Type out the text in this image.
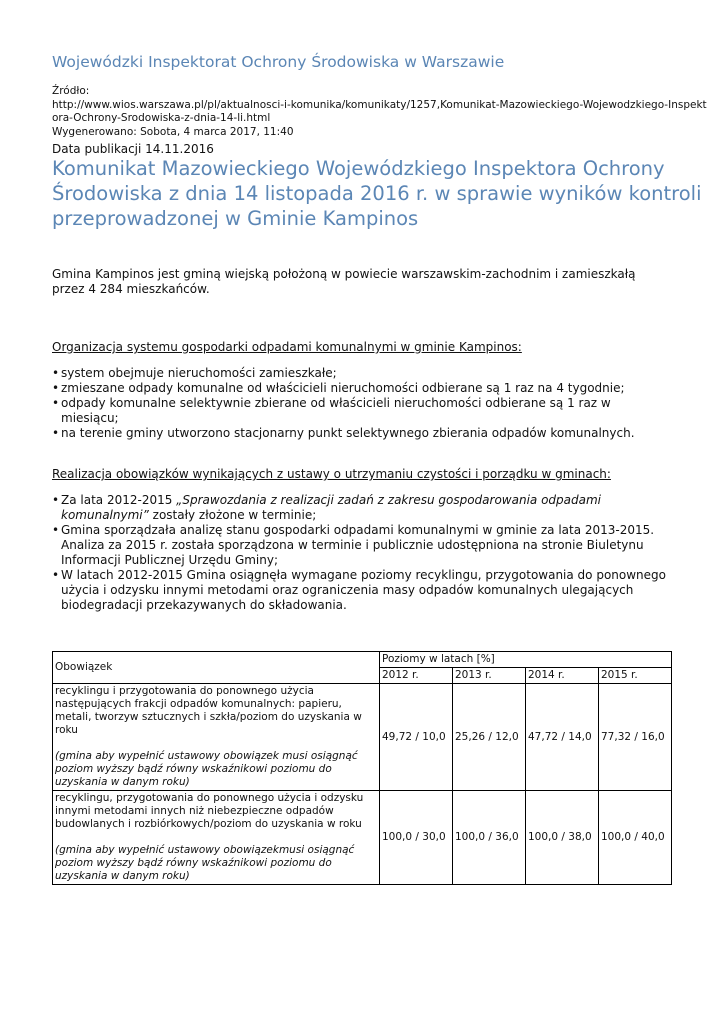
Wojewódzki Inspektorat Ochrony Środowiska w Warszawie
Źródło:
http://www.wios.warszawa.pl/pl/aktualnosci-i-komunika/komunikaty/1257,Komunikat-Mazowieckiego-Wojewodzkiego-Inspekt
ora-Ochrony-Srodowiska-z-dnia-14-li.html
Wygenerowano: Sobota, 4 marca 2017, 11:40
Data publikacji 14.11.2016
Komunikat Mazowieckiego Wojewódzkiego Inspektora Ochrony
Środowiska z dnia 14 listopada 2016 r. w sprawie wyników kontroli
przeprowadzonej w Gminie Kampinos
Gmina Kampinos jest gminą wiejską położoną w powiecie warszawskim-zachodnim i zamieszkałą przez 4 284 mieszkańców.
Organizacja systemu gospodarki odpadami komunalnymi w gminie Kampinos:
• system obejmuje nieruchomości zamieszkałe;
• zmieszane odpady komunalne od właścicieli nieruchomości odbierane są 1 raz na 4 tygodnie;
• odpady komunalne selektywnie zbierane od właścicieli nieruchomości odbierane są 1 raz w miesiącu;
• na terenie gminy utworzono stacjonarny punkt selektywnego zbierania odpadów komunalnych.
Realizacja obowiązków wynikających z ustawy o utrzymaniu czystości i porządku w gminach:
• Za lata 2012-2015 „Sprawozdania z realizacji zadań z zakresu gospodarowania odpadami komunalnymi” zostały złożone w terminie;
• Gmina sporządzała analizę stanu gospodarki odpadami komunalnymi w gminie za lata 2013-2015. Analiza za 2015 r. została sporządzona w terminie i publicznie udostępniona na stronie Biuletynu Informacji Publicznej Urzędu Gminy;
• W latach 2012-2015 Gmina osiągnęła wymagane poziomy recyklingu, przygotowania do ponownego użycia i odzysku innymi metodami oraz ograniczenia masy odpadów komunalnych ulegających biodegradacji przekazywanych do składowania.
Obowiązek	Poziomy w latach [%]			
	2012 r.	2013 r.	2014 r.	2015 r.

recyklingu i przygotowania do ponownego użycia następujących frakcji odpadów komunalnych: papieru, metali, tworzyw sztucznych i szkła/poziom do uzyskania w roku
(gmina aby wypełnić ustawowy obowiązek musi osiągnąć poziom wyższy bądź równy wskaźnikowi poziomu do uzyskania w danym roku)	49,72 / 10,0	25,26 / 12,0	47,72 / 14,0	77,32 / 16,0

recyklingu, przygotowania do ponownego użycia i odzysku innymi metodami innych niż niebezpieczne odpadów budowlanych i rozbiórkowych/poziom do uzyskania w roku
(gmina aby wypełnić ustawowy obowiązekmusi osiągnąć poziom wyższy bądź równy wskaźnikowi poziomu do uzyskania w danym roku)	100,0 / 30,0	100,0 / 36,0	100,0 / 38,0	100,0 / 40,0
